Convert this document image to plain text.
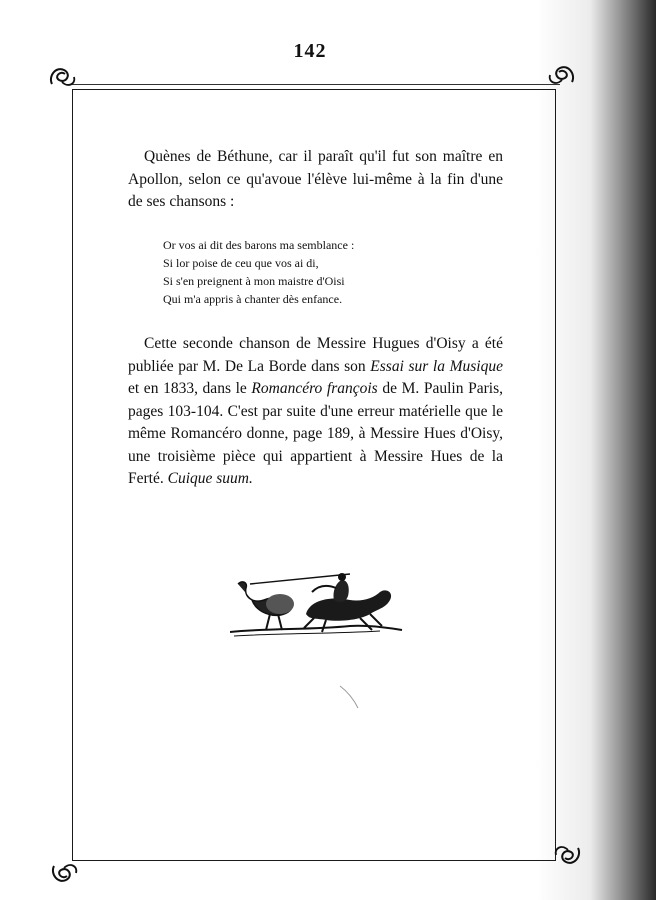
142

Quènes de Béthune, car il paraît qu'il fut son maître en Apollon, selon ce qu'avoue l'élève lui-même à la fin d'une de ses chansons :

Or vos ai dit des barons ma semblance :
Si lor poise de ceu que vos ai di,
Si s'en preignent à mon maistre d'Oisi
Qui m'a appris à chanter dès enfance.

Cette seconde chanson de Messire Hugues d'Oisy a été publiée par M. De La Borde dans son Essai sur la Musique et en 1833, dans le Romancéro françois de M. Paulin Paris, pages 103-104. C'est par suite d'une erreur matérielle que le même Romancéro donne, page 189, à Messire Hues d'Oisy, une troisième pièce qui appartient à Messire Hues de la Ferté. Cuique suum.
